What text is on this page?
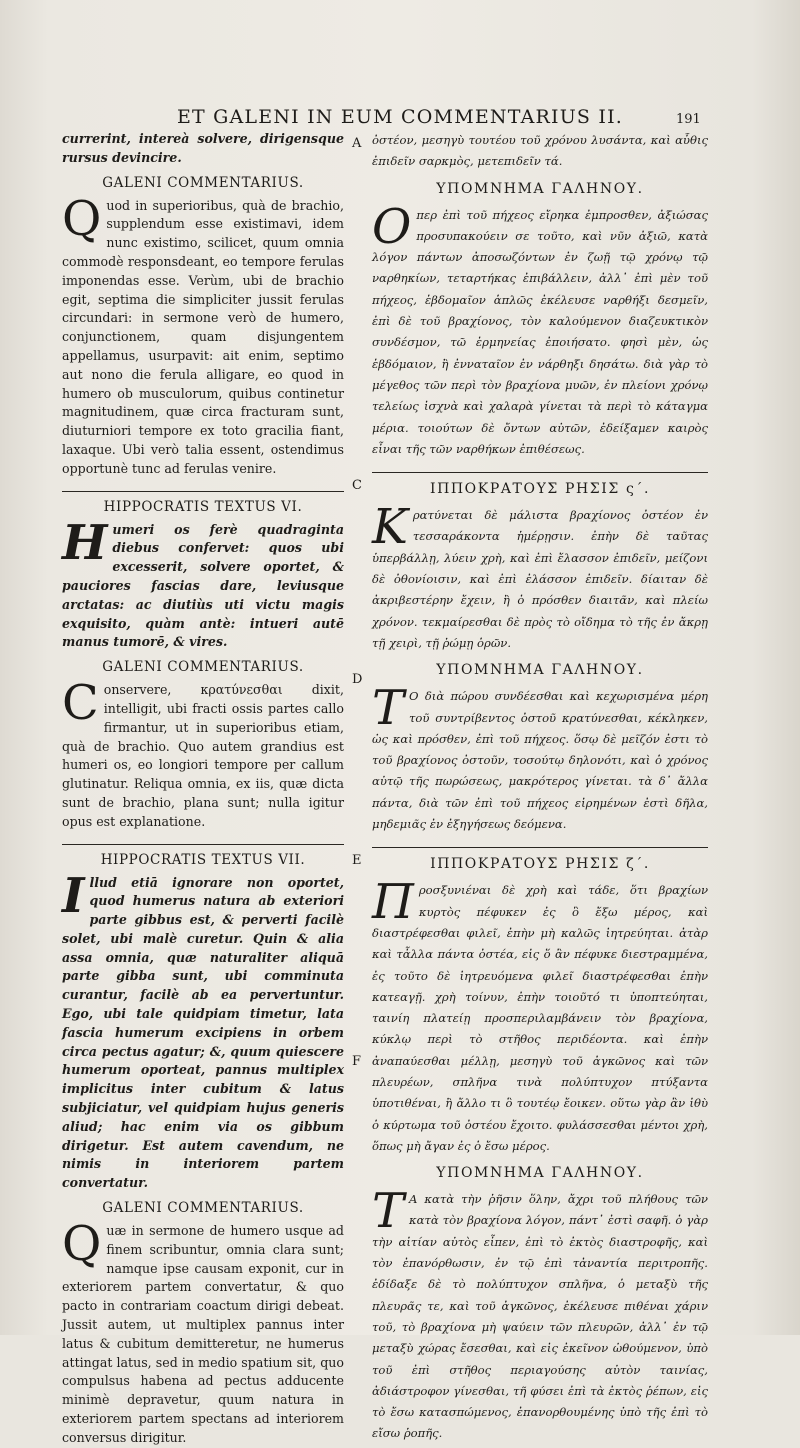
ET GALENI IN EUM COMMENTARIUS II.	191
A
C
D
E
F

currerint, intereà solvere, dirigensque rursus devincire.

GALENI COMMENTARIUS.

Quod in superioribus, quà de brachio, supplendum esse existimavi, idem nunc existimo, scilicet, quum omnia commodè responsdeant, eo tempore ferulas imponendas esse. Verùm, ubi de brachio egit, septima die simpliciter jussit ferulas circundari: in sermone verò de humero, conjunctionem, quam disjungentem appellamus, usurpavit: ait enim, septimo aut nono die ferula alligare, eo quod in humero ob musculorum, quibus continetur magnitudinem, quæ circa fracturam sunt, diuturniori tempore ex toto gracilia fiant, laxaque. Ubi verò talia essent, ostendimus opportunè tunc ad ferulas venire.

HIPPOCRATIS TEXTUS VI.

Humeri os ferè quadraginta diebus confervet: quos ubi excesserit, solvere oportet, & pauciores fascias dare, leviusque arctatas: ac diutiùs uti victu magis exquisito, quàm antè: intueri autē manus tumorē, & vires.

GALENI COMMENTARIUS.

Conservere, κρατύνεσθαι dixit, intelligit, ubi fracti ossis partes callo firmantur, ut in superioribus etiam, quà de brachio. Quo autem grandius est humeri os, eo longiori tempore per callum glutinatur. Reliqua omnia, ex iis, quæ dicta sunt de brachio, plana sunt; nulla igitur opus est explanatione.

HIPPOCRATIS TEXTUS VII.

Illud etiā ignorare non oportet, quod humerus natura ab exteriori parte gibbus est, & perverti facilè solet, ubi malè curetur. Quin & alia assa omnia, quæ naturaliter aliquā parte gibba sunt, ubi comminuta curantur, facilè ab ea pervertuntur. Ego, ubi tale quidpiam timetur, lata fascia humerum excipiens in orbem circa pectus agatur; &, quum quiescere humerum oporteat, pannus multiplex implicitus inter cubitum & latus subjiciatur, vel quidpiam hujus generis aliud; hac enim via os gibbum dirigetur. Est autem cavendum, ne nimis in interiorem partem convertatur.

GALENI COMMENTARIUS.

Quæ in sermone de humero usque ad finem scribuntur, omnia clara sunt; namque ipse causam exponit, cur in exteriorem partem convertatur, & quo pacto in contrariam coactum dirigi debeat. Jussit autem, ut multiplex pannus inter latus & cubitum demitteretur, ne humerus attingat latus, sed in medio spatium sit, quo compulsus habena ad pectus adducente minimè depravetur, quum natura in exteriorem partem spectans ad interiorem conversus dirigitur.

ὀστέον, μεσηγὺ τουτέου τοῦ χρόνου λυσάντα, καὶ αὖθις ἐπιδεῖν σαρκμὸς, μετεπιδεῖν τά.

ΥΠΟΜΝΗΜΑ ΓΑΛΗΝΟΥ.

Οπερ ἐπὶ τοῦ πήχεος εἴρηκα ἐμπροσθεν, ἀξιώσας προσυπακούειν σε τοῦτο, καὶ νῦν ἀξιῶ, κατὰ λόγον πάντων ἀποσωζόντων ἐν ζωῇ τῷ χρόνῳ τῷ ναρθηκίων, τεταρτήκας ἐπιβάλλειν, ἀλλ᾽ ἐπὶ μὲν τοῦ πήχεος, ἑβδομαῖον ἁπλῶς ἐκέλευσε ναρθήξι δεσμεῖν, ἐπὶ δὲ τοῦ βραχίονος, τὸν καλούμενον διαζευκτικὸν συνδέσμον, τῶ ἑρμηνείας ἐποιήσατο. φησὶ μὲν, ὡς ἑβδόμαιον, ἢ ἐνναταῖον ἐν νάρθηξι δησάτω. διὰ γὰρ τὸ μέγεθος τῶν περὶ τὸν βραχίονα μυῶν, ἐν πλείονι χρόνῳ τελείως ἰσχνὰ καὶ χαλαρὰ γίνεται τὰ περὶ τὸ κάταγμα μέρια. τοιούτων δὲ ὄντων αὐτῶν, ἐδείξαμεν καιρὸς εἶναι τῆς τῶν ναρθήκων ἐπιθέσεως.

ΙΠΠΟΚΡΑΤΟΥΣ ΡΗΣΙΣ ς΄.

Κρατύνεται δὲ μάλιστα βραχίονος ὀστέον ἐν τεσσαράκοντα ἡμέρῃσιν. ἐπὴν δὲ ταῦτας ὑπερβάλλῃ, λύειν χρὴ, καὶ ἐπὶ ἔλασσον ἐπιδεῖν, μείζονι δὲ ὀθονίοισιν, καὶ ἐπὶ ἐλάσσον ἐπιδεῖν. δίαιταν δὲ ἀκριβεστέρην ἔχειν, ἢ ὁ πρόσθεν διαιτᾶν, καὶ πλείω χρόνον. τεκμαίρεσθαι δὲ πρὸς τὸ οἴδημα τὸ τῆς ἐν ἄκρῃ τῇ χειρὶ, τῇ ῥώμῃ ὁρῶν.

ΥΠΟΜΝΗΜΑ ΓΑΛΗΝΟΥ.

Τ Ο διὰ πώρου συνδέεσθαι καὶ κεχωρισμένα μέρη τοῦ συντρίβεντος ὀστοῦ κρατύνεσθαι, κέκληκεν, ὡς καὶ πρόσθεν, ἐπὶ τοῦ πήχεος. ὅσῳ δὲ μεῖζόν ἐστι τὸ τοῦ βραχίονος ὀστοῦν, τοσούτῳ δηλονότι, καὶ ὁ χρόνος αὐτῷ τῆς πωρώσεως, μακρότερος γίνεται. τὰ δ᾽ ἄλλα πάντα, διὰ τῶν ἐπὶ τοῦ πήχεος εἰρημένων ἐστὶ δῆλα, μηδεμιᾶς ἐν ἐξηγήσεως δεόμενα.

ΙΠΠΟΚΡΑΤΟΥΣ ΡΗΣΙΣ ζ΄.

Προσξυνιέναι δὲ χρὴ καὶ τάδε, ὅτι βραχίων κυρτὸς πέφυκεν ἐς ὃ ἔξω μέρος, καὶ διαστρέφεσθαι φιλεῖ, ἐπὴν μὴ καλῶς ἰητρεύηται. ἀτὰρ καὶ τἆλλα πάντα ὀστέα, εἰς ὅ ἂν πέφυκε διεστραμμένα, ἐς τοῦτο δὲ ἰητρευόμενα φιλεῖ διαστρέφεσθαι ἐπὴν κατεαγῇ. χρὴ τοίνυν, ἐπὴν τοιοῦτό τι ὑποπτεύηται, ταινίη πλατείῃ προσπεριλαμβάνειν τὸν βραχίονα, κύκλῳ περὶ τὸ στῆθος περιδέοντα. καὶ ἐπὴν ἀναπαύεσθαι μέλλῃ, μεσηγὺ τοῦ ἀγκῶνος καὶ τῶν πλευρέων, σπλῆνα τινὰ πολύπτυχον πτύξαντα ὑποτιθέναι, ἢ ἄλλο τι ὃ τουτέῳ ἔοικεν. οὕτω γὰρ ἂν ἰθὺ ὁ κύρτωμα τοῦ ὀστέου ἔχοιτο. φυλάσσεσθαι μέντοι χρὴ, ὅπως μὴ ἄγαν ἐς ὁ ἔσω μέρος.

ΥΠΟΜΝΗΜΑ ΓΑΛΗΝΟΥ.

Τ Α κατὰ τὴν ῥῆσιν ὅλην, ἄχρι τοῦ πλήθους τῶν κατὰ τὸν βραχίονα λόγον, πάντ᾽ ἐστὶ σαφῆ. ὁ γὰρ τὴν αἰτίαν αὐτὸς εἶπεν, ἐπὶ τὸ ἐκτὸς διαστροφῆς, καὶ τὸν ἐπανόρθωσιν, ἐν τῷ ἐπὶ τἀναντία περιτροπῆς. ἐδίδαξε δὲ τὸ πολύπτυχον σπλῆνα, ὁ μεταξὺ τῆς πλευρᾶς τε, καὶ τοῦ ἀγκῶνος, ἐκέλευσε πιθέναι χάριν τοῦ, τὸ βραχίονα μὴ ψαύειν τῶν πλευρῶν, ἀλλ᾽ ἐν τῷ μεταξὺ χώρας ἔσεσθαι, καὶ εἰς ἐκεῖνον ὠθούμενον, ὑπὸ τοῦ ἐπὶ στῆθος περιαγούσης αὐτὸν ταινίας, ἀδιάστροφον γίνεσθαι, τῆ φύσει ἐπὶ τὰ ἐκτὸς ῥέπων, εἰς τὸ ἔσω κατασπώμενος, ἐπανορθουμένης ὑπὸ τῆς ἐπὶ τὸ εἴσω ῥοπῆς.
